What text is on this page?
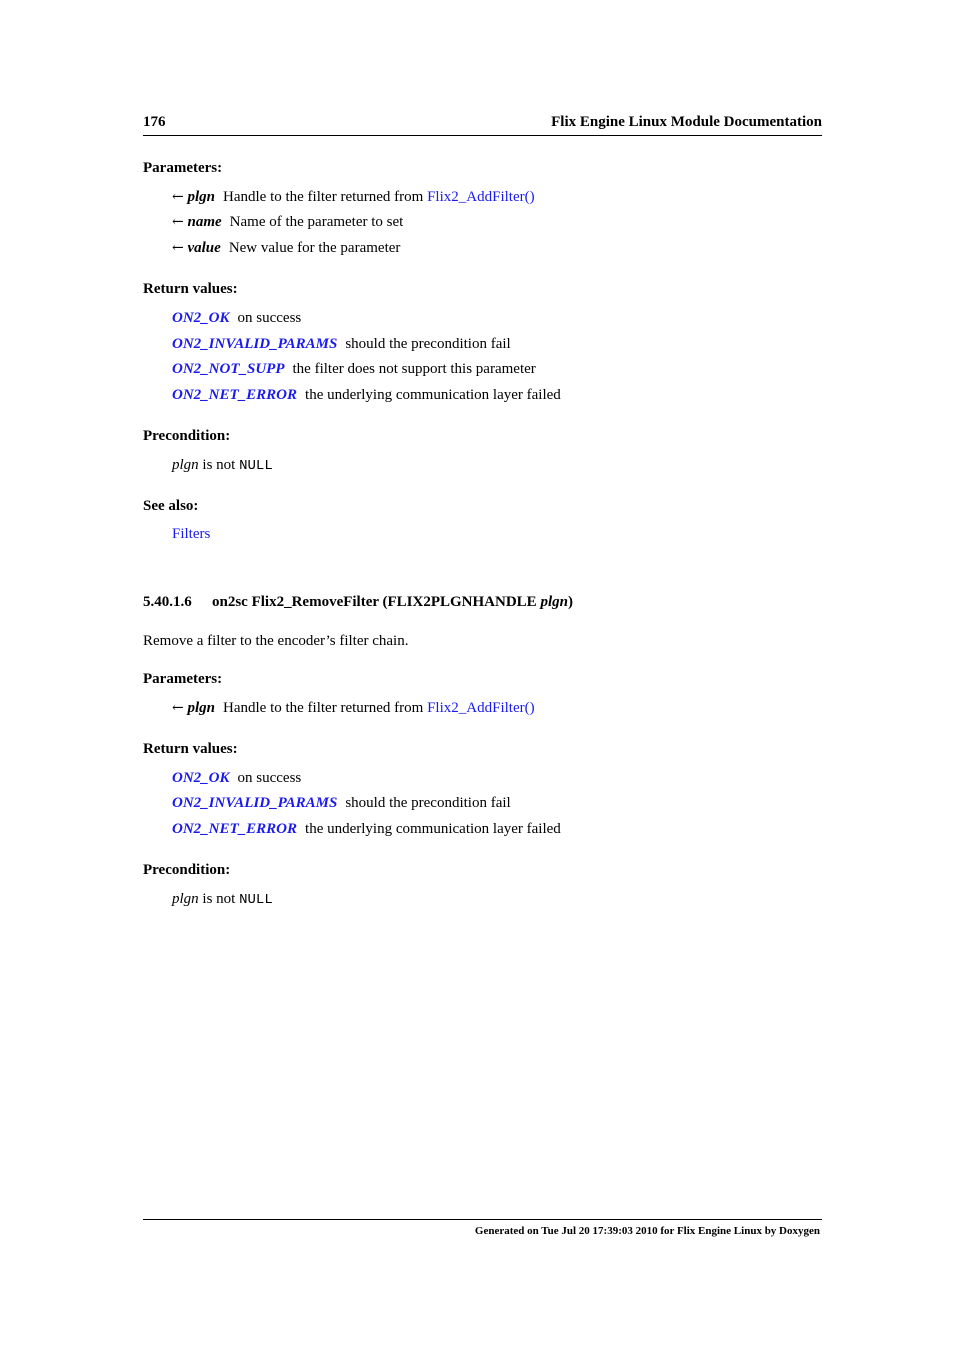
176	Flix Engine Linux Module Documentation
Parameters:
← plgn Handle to the filter returned from Flix2_AddFilter()
← name Name of the parameter to set
← value New value for the parameter
Return values:
ON2_OK on success
ON2_INVALID_PARAMS should the precondition fail
ON2_NOT_SUPP the filter does not support this parameter
ON2_NET_ERROR the underlying communication layer failed
Precondition:
plgn is not NULL
See also:
Filters
5.40.1.6 on2sc Flix2_RemoveFilter (FLIX2PLGNHANDLE plgn)
Remove a filter to the encoder’s filter chain.
Parameters:
← plgn Handle to the filter returned from Flix2_AddFilter()
Return values:
ON2_OK on success
ON2_INVALID_PARAMS should the precondition fail
ON2_NET_ERROR the underlying communication layer failed
Precondition:
plgn is not NULL
Generated on Tue Jul 20 17:39:03 2010 for Flix Engine Linux by Doxygen
